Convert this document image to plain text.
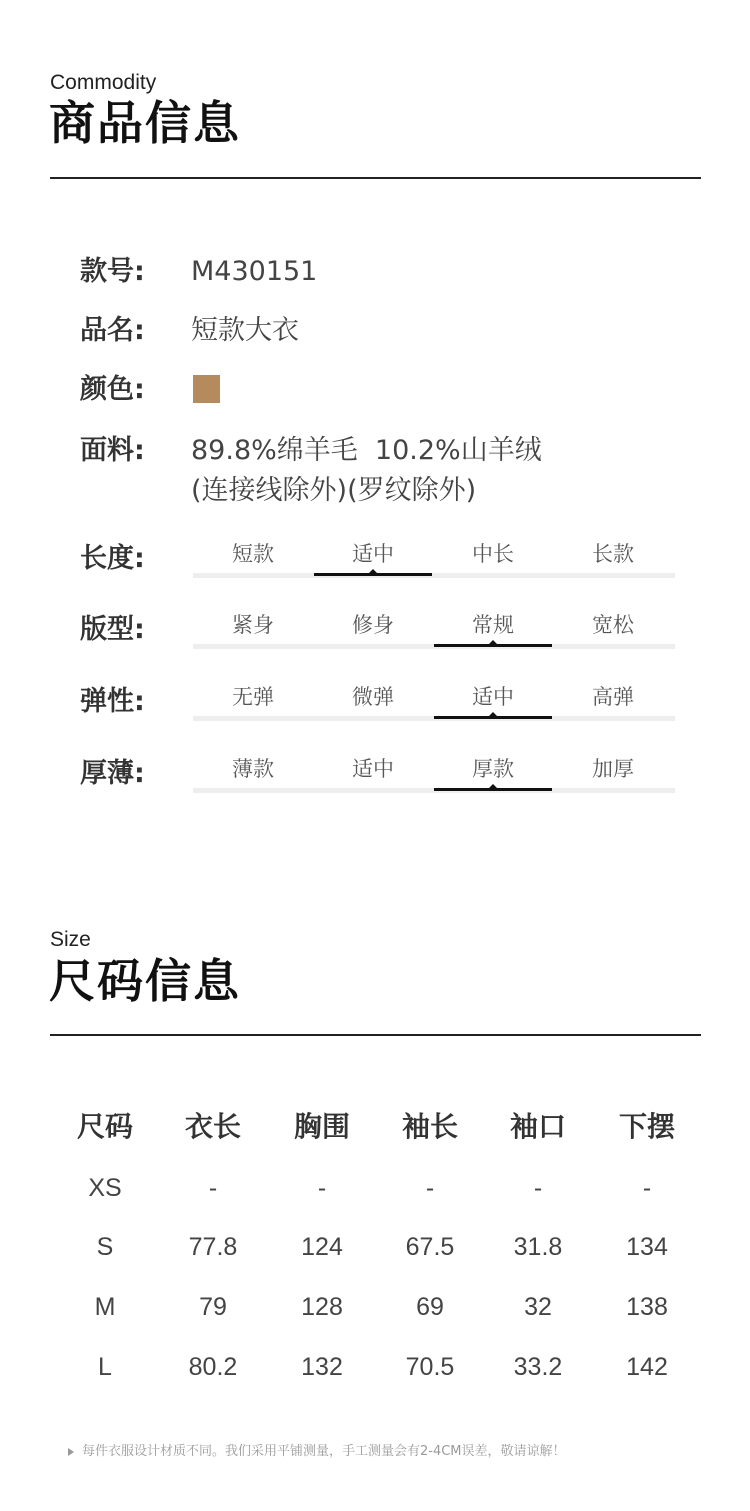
Commodity
商品信息
款号: M430151
品名: 短款大衣
颜色:
面料: 89.8%绵羊毛  10.2%山羊绒
(连接线除外)(罗纹除外)
长度:	短款	适中	中长	长款
版型:	紧身	修身	常规	宽松
弹性:	无弹	微弹	适中	高弹
厚薄:	薄款	适中	厚款	加厚
Size
尺码信息
尺码	衣长	胸围	袖长	袖口	下摆
XS	-	-	-	-	-
S	77.8	124	67.5	31.8	134
M	79	128	69	32	138
L	80.2	132	70.5	33.2	142
每件衣服设计材质不同。我们采用平铺测量，手工测量会有2-4CM误差，敬请谅解！
